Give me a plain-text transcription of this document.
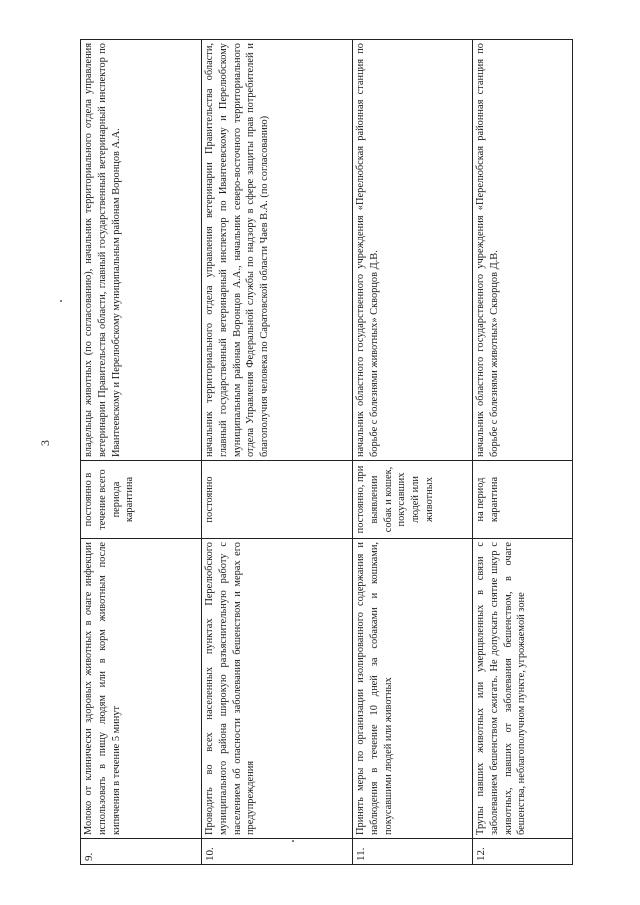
3
9.	Молоко от клинически здоровых животных в очаге инфекции использовать в пищу людям или в корм животным после кипячения в течение 5 минут	постоянно в течение всего периода карантина	владельцы животных (по согласованию), начальник территориального отдела управления ветеринарии Правительства области, главный государственный ветеринарный инспектор по Ивантеевскому и Перелюбскому муниципальным районам Воронцов А.А.
10.	Проводить во всех населенных пунктах Перелюбского муниципального района широкую разъяснительную работу с населением об опасности заболевания бешенством и мерах его предупреждения	постоянно	начальник территориального отдела управления ветеринарии Правительства области, главный государственный ветеринарный инспектор по Ивантеевскому и Перелюбскому муниципальным районам Воронцов А.А., начальник северо-восточного территориального отдела Управления Федеральной службы по надзору в сфере защиты прав потребителей и благополучия человека по Саратовской области Чаев В.А. (по согласованию)
11.	Принять меры по организации изолированного содержания и наблюдения в течение 10 дней за собаками и кошками, покусавшими людей или животных	постоянно, при выявлении собак и кошек, покусавших людей или животных	начальник областного государственного учреждения «Перелюбская районная станция по борьбе с болезнями животных» Скворцов Д.В.
12.	Трупы павших животных или умерщвленных в связи с заболеванием бешенством сжигать. Не допускать снятие шкур с животных, павших от заболевания бешенством, в очаге бешенства, неблагополучном пункте, угрожаемой зоне	на период карантина	начальник областного государственного учреждения «Перелюбская районная станция по борьбе с болезнями животных» Скворцов Д.В.
